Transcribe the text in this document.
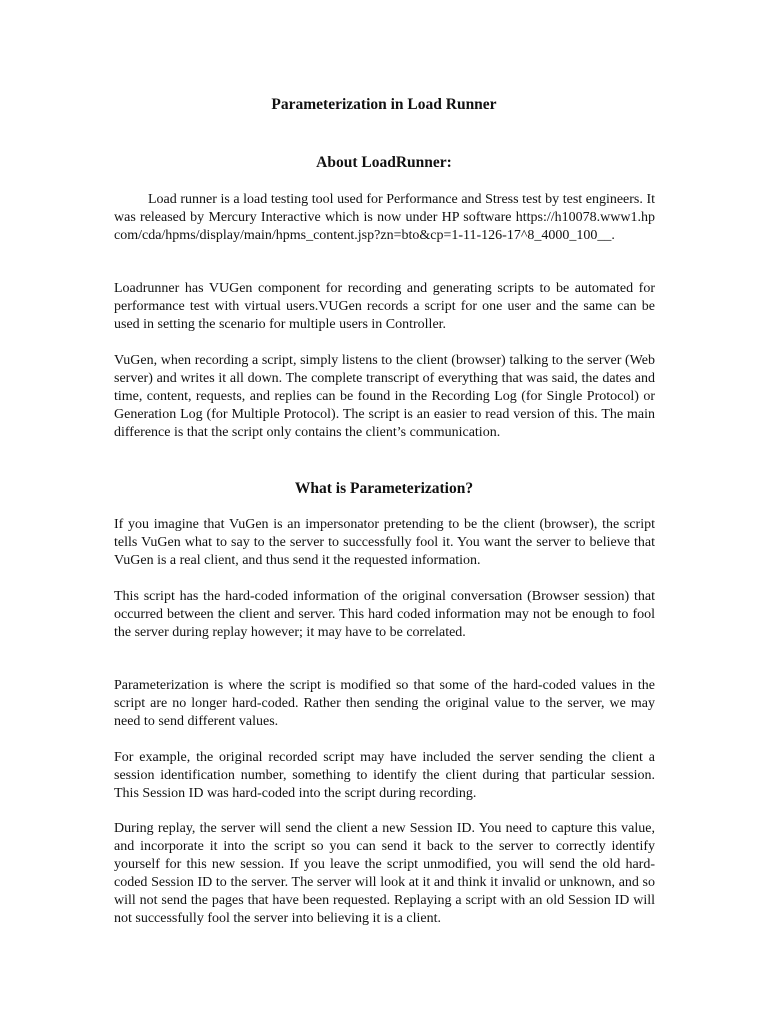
Parameterization in Load Runner
About LoadRunner:

Load runner is a load testing tool used for Performance and Stress test by test engineers. It was released by Mercury Interactive which is now under HP software https://h10078.www1.hp com/cda/hpms/display/main/hpms_content.jsp?zn=bto&cp=1-11-126-17^8_4000_100__.

Loadrunner has VUGen component for recording and generating scripts to be automated for performance test with virtual users.VUGen records a script for one user and the same can be used in setting the scenario for multiple users in Controller.

VuGen, when recording a script, simply listens to the client (browser) talking to the server (Web server) and writes it all down. The complete transcript of everything that was said, the dates and time, content, requests, and replies can be found in the Recording Log (for Single Protocol) or Generation Log (for Multiple Protocol). The script is an easier to read version of this. The main difference is that the script only contains the client’s communication.

What is Parameterization?

If you imagine that VuGen is an impersonator pretending to be the client (browser), the script tells VuGen what to say to the server to successfully fool it. You want the server to believe that VuGen is a real client, and thus send it the requested information.

This script has the hard-coded information of the original conversation (Browser session) that occurred between the client and server. This hard coded information may not be enough to fool the server during replay however; it may have to be correlated.

Parameterization is where the script is modified so that some of the hard-coded values in the script are no longer hard-coded. Rather then sending the original value to the server, we may need to send different values.

For example, the original recorded script may have included the server sending the client a session identification number, something to identify the client during that particular session. This Session ID was hard-coded into the script during recording.

During replay, the server will send the client a new Session ID. You need to capture this value, and incorporate it into the script so you can send it back to the server to correctly identify yourself for this new session. If you leave the script unmodified, you will send the old hard-coded Session ID to the server. The server will look at it and think it invalid or unknown, and so will not send the pages that have been requested. Replaying a script with an old Session ID will not successfully fool the server into believing it is a client.
